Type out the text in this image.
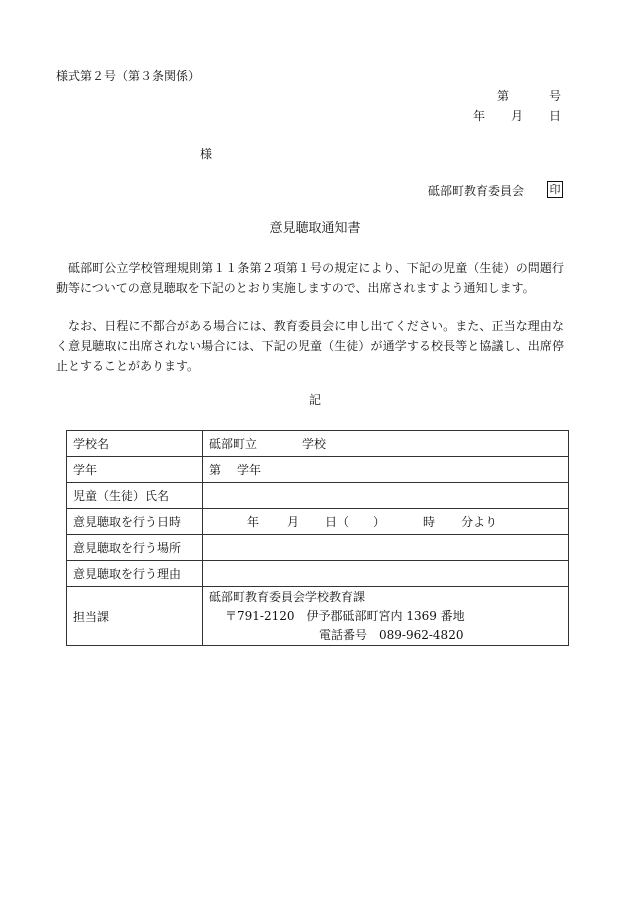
様式第２号（第３条関係）
第	号
年 月 日
様
砥部町教育委員会 印
意見聴取通知書

砥部町公立学校管理規則第１１条第２項第１号の規定により、下記の児童（生徒）の問題行動等についての意見聴取を下記のとおり実施しますので、出席されますよう通知します。

なお、日程に不都合がある場合には、教育委員会に申し出てください。また、正当な理由なく意見聴取に出席されない場合には、下記の児童（生徒）が通学する校長等と協議し、出席停止とすることがあります。

記
学校名	砥部町立 学校
学年	第 学年
児童（生徒）氏名	
意見聴取を行う日時	年 月 日（　　） 時 分より
意見聴取を行う場所	
意見聴取を行う理由	
担当課	砥部町教育委員会学校教育課
〒791-2120　伊予郡砥部町宮内 1369 番地
電話番号　089-962-4820
